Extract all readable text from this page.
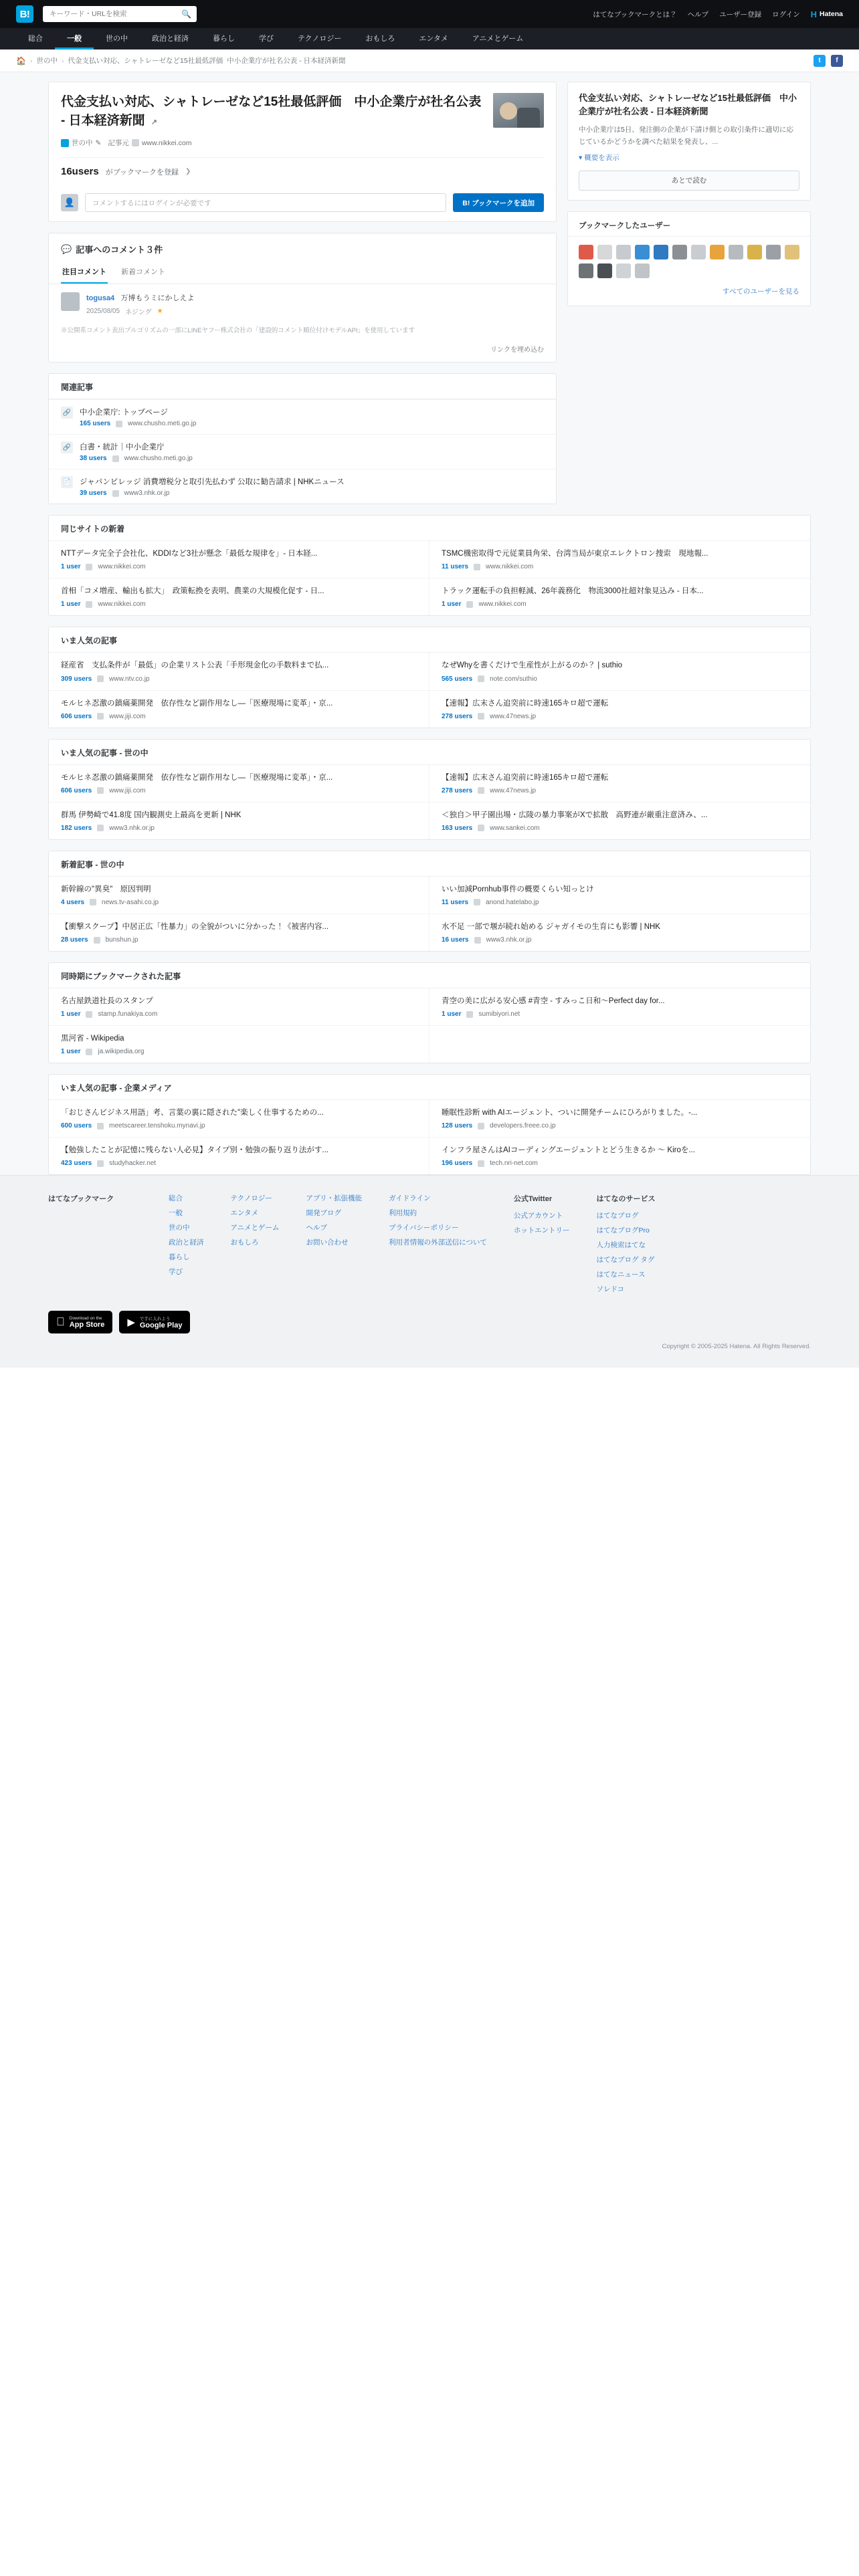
B!
キーワード・URLを検索	🔍	はてなブックマークとは？ ヘルプ ユーザー登録 ログイン H Hatena
総合	一般	世の中	政治と経済	暮らし	学び	テクノロジー	おもしろ	エンタメ	アニメとゲーム
🏠 › 世の中 › 代金支払い対応、シャトレーゼなど15社最低評価 中小企業庁が社名公表 - 日本経済新聞	t	f
代金支払い対応、シャトレーゼなど15社最低評価　中小企業庁が社名公表 - 日本経済新聞 ↗
世の中 ✎ 記事元 www.nikkei.com
16users がブックマークを登録 ❯
👤	コメントするにはログインが必要です	B! ブックマークを追加
💬 記事へのコメント３件
注目コメント 新着コメント
togusa4 万博もうミにかしえよ
2025/08/05 ネジング ★
※公開系コメント表出プルゴリズムの一部にLINEヤフー株式会社の「建設的コメント順位付けモデルAPI」を使用しています
リンクを埋め込む
関連記事
🔗 中小企業庁: トップページ
165 users	www.chusho.meti.go.jp
🔗 白書・統計｜中小企業庁
38 users	www.chusho.meti.go.jp
📄 ジャパンビレッジ 消費増税分と取引先払わず 公取に勧告請求 | NHKニュース
39 users	www3.nhk.or.jp
代金支払い対応、シャトレーゼなど15社最低評価　中小企業庁が社名公表 - 日本経済新聞
中小企業庁は5日、発注側の企業が下請け側との取引条件に適切に応じているかどうかを調べた結果を発表し、...
▾ 概要を表示
あとで読む
ブックマークしたユーザー
すべてのユーザーを見る
同じサイトの新着
NTTデータ完全子会社化、KDDIなど3社が懸念「最低な規律を」- 日本経...
1 user	www.nikkei.com
TSMC機密取得で元従業員角栄、台湾当局が東京エレクトロン捜索　現地報...
11 users	www.nikkei.com
首相「コメ増産、輸出も拡大」　政策転換を表明、農業の大規模化促す - 日...
1 user	www.nikkei.com
トラック運転手の負担軽減、26年義務化　物流3000社超対象見込み - 日本...
1 user	www.nikkei.com
いま人気の記事
経産省　支払条件が「最低」の企業リスト公表「手形現金化の手数料まで払...
309 users	www.ntv.co.jp
なぜWhyを書くだけで生産性が上がるのか？ | suthio
565 users	note.com/suthio
モルヒネ忍激の鎮痛薬開発　依存性など副作用なし—「医療現場に変革」・京...
606 users	www.jiji.com
【速報】広末さん追突前に時速165キロ超で運転
278 users	www.47news.jp
いま人気の記事 - 世の中
モルヒネ忍激の鎮痛薬開発　依存性など副作用なし—「医療現場に変革」・京...
606 users	www.jiji.com
【速報】広末さん追突前に時速165キロ超で運転
278 users	www.47news.jp
群馬 伊勢崎で41.8度 国内観測史上最高を更新 | NHK
182 users	www3.nhk.or.jp
＜独自＞甲子園出場・広陵の暴力事案がXで拡散　高野連が厳重注意済み、...
163 users	www.sankei.com
新着記事 - 世の中
新幹線の"異臭"　原因判明
4 users	news.tv-asahi.co.jp
いい加減Pornhub事件の概要くらい知っとけ
11 users	anond.hatelabo.jp
【衝撃スクープ】中居正広「性暴力」の全貌がついに分かった！《被害内容...
28 users	bunshun.jp
水不足 一部で堰が続れ始める ジャガイモの生育にも影響 | NHK
16 users	www3.nhk.or.jp
同時期にブックマークされた記事
名古屋鉄道社長のスタンプ
1 user	stamp.funakiya.com
青空の美に広がる安心感 #青空 - すみっこ日和〜Perfect day for...
1 user	sumibiyori.net
黒河省 - Wikipedia
1 user	ja.wikipedia.org
いま人気の記事 - 企業メディア
「おじさんビジネス用語」考、言葉の裏に隠された"楽しく仕事するための...
600 users	meetscareer.tenshoku.mynavi.jp
睡眠性診断 with AIエージェント、ついに開発チームにひろがりました。-...
128 users	developers.freee.co.jp
【勉強したことが記憶に残らない人必見】タイプ別・勉強の振り返り法がす...
423 users	studyhacker.net
インフラ屋さんはAIコーディングエージェントとどう生きるか ～ Kiroを...
196 users	tech.nri-net.com
はてなブックマーク	総合
一般
世の中
政治と経済
暮らし
学び
テクノロジー
エンタメ
アニメとゲーム
おもしろ
アプリ・拡張機能
開発ブログ
ヘルプ
お問い合わせ
ガイドライン
利用規約
プライバシーポリシー
利用者情報の外部送信について
公式Twitter
公式アカウント
ホットエントリー
はてなのサービス
はてなブログ
はてなブログPro
人力検索はてな
はてなブログ タグ
はてなニュース
ソレドコ
Download on the
App Store ▶ で手に入れよう
Google Play
Copyright © 2005-2025 Hatena. All Rights Reserved.
